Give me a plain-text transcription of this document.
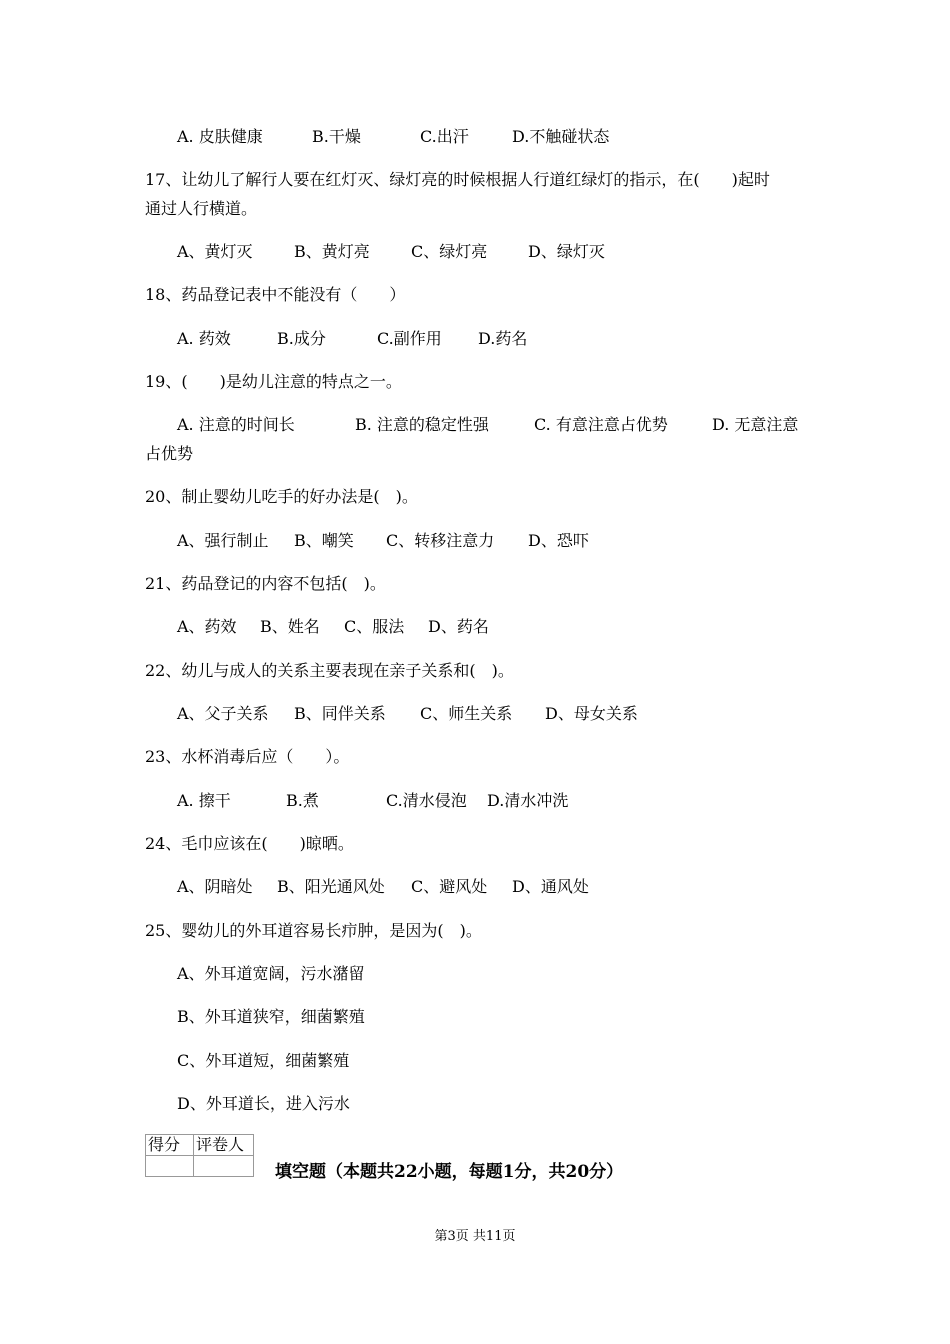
A. 皮肤健康

	B.干燥

	C.出汗

	D.不触碰状态

17、让幼儿了解行人要在红灯灭、绿灯亮的时候根据人行道红绿灯的指示，在(　　)起时
通过人行横道。

A、黄灯灭

	B、黄灯亮

	C、绿灯亮

	D、绿灯灭

18、药品登记表中不能没有（　　）

A. 药效

	B.成分

	C.副作用

D.药名

19、(　　)是幼儿注意的特点之一。

A. 注意的时间长

	B. 注意的稳定性强

	C. 有意注意占优势

	D. 无意注意

占优势
20、制止婴幼儿吃手的好办法是(　)。

A、强行制止

B、嘲笑

C、转移注意力

D、恐吓

21、药品登记的内容不包括(　)。

A、药效

B、姓名

C、服法

D、药名

22、幼儿与成人的关系主要表现在亲子关系和(　)。

A、父子关系

B、同伴关系

C、师生关系

D、母女关系

23、水杯消毒后应（　　）。

A. 擦干

	B.煮

	C.清水侵泡

D.清水冲洗

24、毛巾应该在(　　)晾晒。

A、阴暗处

B、阳光通风处

C、避风处

D、通风处

25、婴幼儿的外耳道容易长疖肿，是因为(　)。
A、外耳道宽阔，污水潴留
B、外耳道狭窄，细菌繁殖
C、外耳道短，细菌繁殖
D、外耳道长，进入污水
得分	评卷人

填空题（本题共22小题，每题1分，共20分）
第3页 共11页
